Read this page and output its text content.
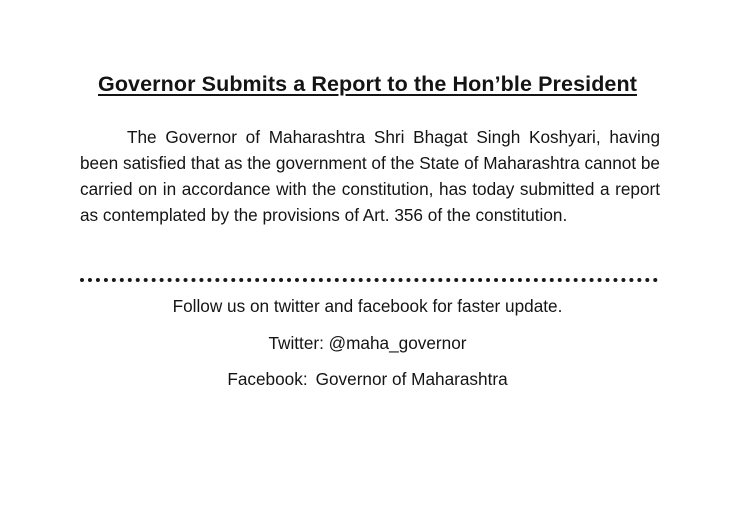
Governor Submits a Report to the Hon’ble President
The Governor of Maharashtra Shri Bhagat Singh Koshyari, having been satisfied that as the government of the State of Maharashtra cannot be carried on in accordance with the constitution, has today submitted a report as contemplated by the provisions of Art. 356 of the constitution.
Follow us on twitter and facebook for faster update.
Twitter: @maha_governor
Facebook: Governor of Maharashtra
